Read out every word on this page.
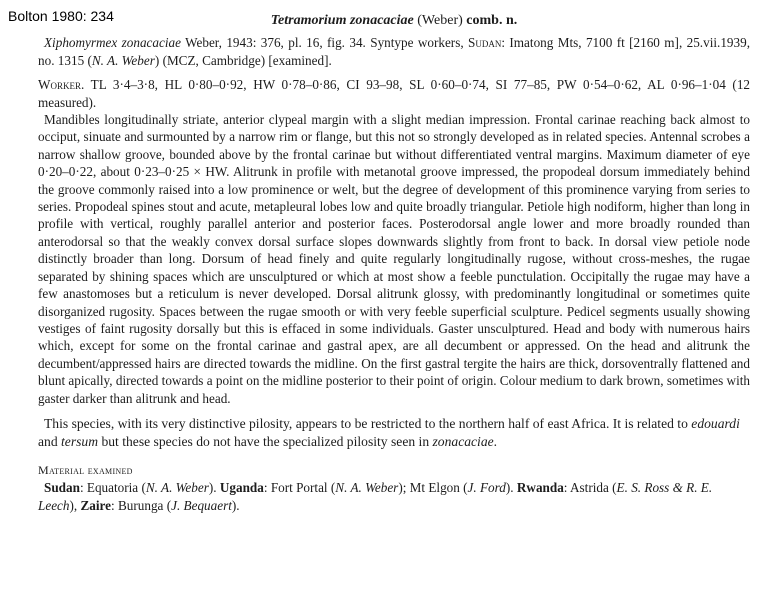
Bolton 1980: 234	Tetramorium zonacaciae (Weber) comb. n.

Xiphomyrmex zonacaciae Weber, 1943: 376, pl. 16, fig. 34. Syntype workers, Sudan: Imatong Mts, 7100 ft [2160 m], 25.vii.1939, no. 1315 (N. A. Weber) (MCZ, Cambridge) [examined].

Worker. TL 3·4–3·8, HL 0·80–0·92, HW 0·78–0·86, CI 93–98, SL 0·60–0·74, SI 77–85, PW 0·54–0·62, AL 0·96–1·04 (12 measured).

Mandibles longitudinally striate, anterior clypeal margin with a slight median impression. Frontal carinae reaching back almost to occiput, sinuate and surmounted by a narrow rim or flange, but this not so strongly developed as in related species. Antennal scrobes a narrow shallow groove, bounded above by the frontal carinae but without differentiated ventral margins. Maximum diameter of eye 0·20–0·22, about 0·23–0·25 × HW. Alitrunk in profile with metanotal groove impressed, the propodeal dorsum immediately behind the groove commonly raised into a low prominence or welt, but the degree of development of this prominence varying from series to series. Propodeal spines stout and acute, metapleural lobes low and quite broadly triangular. Petiole high nodiform, higher than long in profile with vertical, roughly parallel anterior and posterior faces. Posterodorsal angle lower and more broadly rounded than anterodorsal so that the weakly convex dorsal surface slopes downwards slightly from front to back. In dorsal view petiole node distinctly broader than long. Dorsum of head finely and quite regularly longitudinally rugose, without cross-meshes, the rugae separated by shining spaces which are unsculptured or which at most show a feeble punctulation. Occipitally the rugae may have a few anastomoses but a reticulum is never developed. Dorsal alitrunk glossy, with predominantly longitudinal or sometimes quite disorganized rugosity. Spaces between the rugae smooth or with very feeble superficial sculpture. Pedicel segments usually showing vestiges of faint rugosity dorsally but this is effaced in some individuals. Gaster unsculptured. Head and body with numerous hairs which, except for some on the frontal carinae and gastral apex, are all decumbent or appressed. On the head and alitrunk the decumbent/appressed hairs are directed towards the midline. On the first gastral tergite the hairs are thick, dorsoventrally flattened and blunt apically, directed towards a point on the midline posterior to their point of origin. Colour medium to dark brown, sometimes with gaster darker than alitrunk and head.

This species, with its very distinctive pilosity, appears to be restricted to the northern half of east Africa. It is related to edouardi and tersum but these species do not have the specialized pilosity seen in zonacaciae.

Material examined

Sudan: Equatoria (N. A. Weber). Uganda: Fort Portal (N. A. Weber); Mt Elgon (J. Ford). Rwanda: Astrida (E. S. Ross & R. E. Leech), Zaire: Burunga (J. Bequaert).
